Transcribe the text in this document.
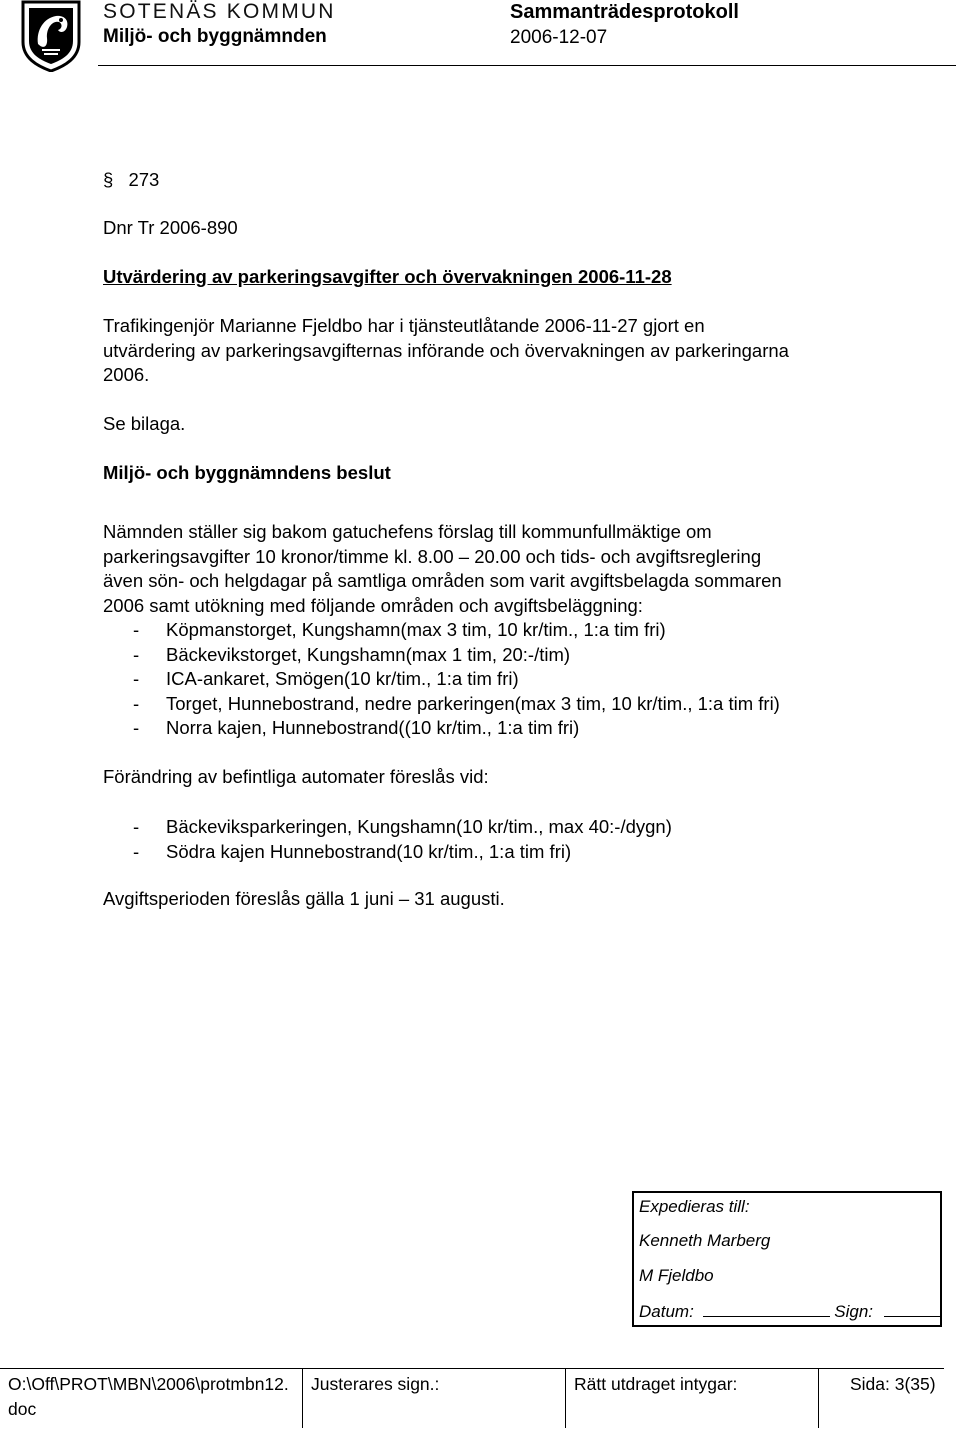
SOTENÄS KOMMUN
Miljö- och byggnämnden
Sammanträdesprotokoll
2006-12-07
§ 273
Dnr Tr 2006-890
Utvärdering av parkeringsavgifter och övervakningen 2006-11-28
Trafikingenjör Marianne Fjeldbo har i tjänsteutlåtande 2006-11-27 gjort en
utvärdering av parkeringsavgifternas införande och övervakningen av parkeringarna
2006.
Se bilaga.
Miljö- och byggnämndens beslut
Nämnden ställer sig bakom gatuchefens förslag till kommunfullmäktige om
parkeringsavgifter 10 kronor/timme kl. 8.00 – 20.00 och tids- och avgiftsreglering
även sön- och helgdagar på samtliga områden som varit avgiftsbelagda sommaren
2006 samt utökning med följande områden och avgiftsbeläggning:
- Köpmanstorget, Kungshamn(max 3 tim, 10 kr/tim., 1:a tim fri)
- Bäckevikstorget, Kungshamn(max 1 tim, 20:-/tim)
- ICA-ankaret, Smögen(10 kr/tim., 1:a tim fri)
- Torget, Hunnebostrand, nedre parkeringen(max 3 tim, 10 kr/tim., 1:a tim fri)
- Norra kajen, Hunnebostrand((10 kr/tim., 1:a tim fri)
Förändring av befintliga automater föreslås vid:
- Bäckeviksparkeringen, Kungshamn(10 kr/tim., max 40:-/dygn)
- Södra kajen Hunnebostrand(10 kr/tim., 1:a tim fri)
Avgiftsperioden föreslås gälla 1 juni – 31 augusti.
Expedieras till:
Kenneth Marberg
M Fjeldbo
Datum:	Sign:
O:\Off\PROT\MBN\2006\protmbn12.
doc
Justerares sign.:	Rätt utdraget intygar:	Sida: 3(35)
